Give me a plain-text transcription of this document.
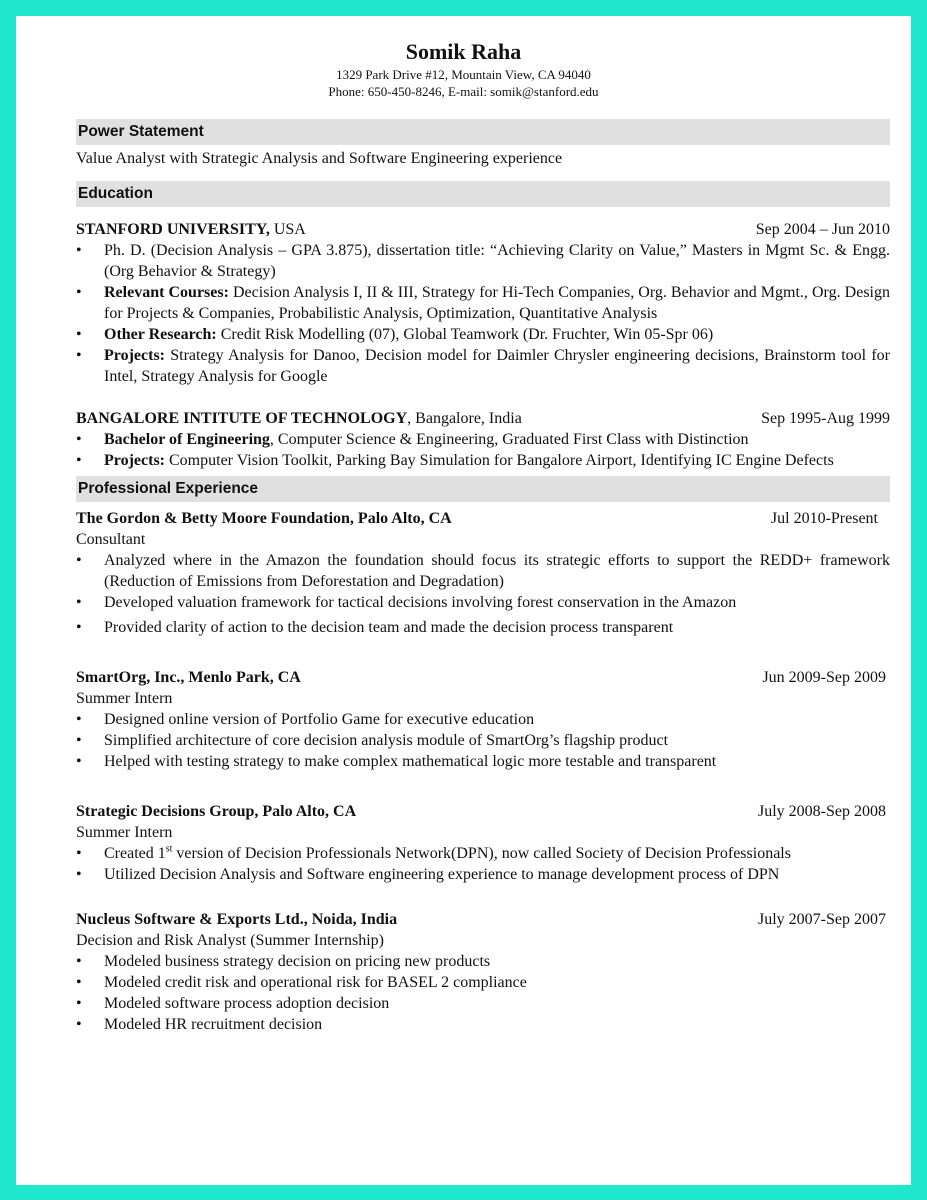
Somik Raha
1329 Park Drive #12, Mountain View, CA 94040
Phone: 650-450-8246, E-mail: somik@stanford.edu
Power Statement
Value Analyst with Strategic Analysis and Software Engineering experience
Education
STANFORD UNIVERSITY, USA	Sep 2004 – Jun 2010
•	Ph. D. (Decision Analysis – GPA 3.875), dissertation title: “Achieving Clarity on Value,” Masters in Mgmt Sc. & Engg. (Org Behavior & Strategy)
•	Relevant Courses: Decision Analysis I, II & III, Strategy for Hi-Tech Companies, Org. Behavior and Mgmt., Org. Design for Projects & Companies, Probabilistic Analysis, Optimization, Quantitative Analysis
•	Other Research: Credit Risk Modelling (07), Global Teamwork (Dr. Fruchter, Win 05-Spr 06)
•	Projects: Strategy Analysis for Danoo, Decision model for Daimler Chrysler engineering decisions, Brainstorm tool for Intel, Strategy Analysis for Google
BANGALORE INTITUTE OF TECHNOLOGY, Bangalore, India	Sep 1995-Aug 1999
•	Bachelor of Engineering, Computer Science & Engineering, Graduated First Class with Distinction
•	Projects: Computer Vision Toolkit, Parking Bay Simulation for Bangalore Airport, Identifying IC Engine Defects
Professional Experience
The Gordon & Betty Moore Foundation, Palo Alto, CA	Jul 2010-Present
Consultant
•	Analyzed where in the Amazon the foundation should focus its strategic efforts to support the REDD+ framework (Reduction of Emissions from Deforestation and Degradation)
•	Developed valuation framework for tactical decisions involving forest conservation in the Amazon
•	Provided clarity of action to the decision team and made the decision process transparent
SmartOrg, Inc., Menlo Park, CA	Jun 2009-Sep 2009
Summer Intern
•	Designed online version of Portfolio Game for executive education
•	Simplified architecture of core decision analysis module of SmartOrg’s flagship product
•	Helped with testing strategy to make complex mathematical logic more testable and transparent
Strategic Decisions Group, Palo Alto, CA	July 2008-Sep 2008
Summer Intern
•	Created 1st version of Decision Professionals Network(DPN), now called Society of Decision Professionals
•	Utilized Decision Analysis and Software engineering experience to manage development process of DPN
Nucleus Software & Exports Ltd., Noida, India	July 2007-Sep 2007
Decision and Risk Analyst (Summer Internship)
•	Modeled business strategy decision on pricing new products
•	Modeled credit risk and operational risk for BASEL 2 compliance
•	Modeled software process adoption decision
•	Modeled HR recruitment decision
